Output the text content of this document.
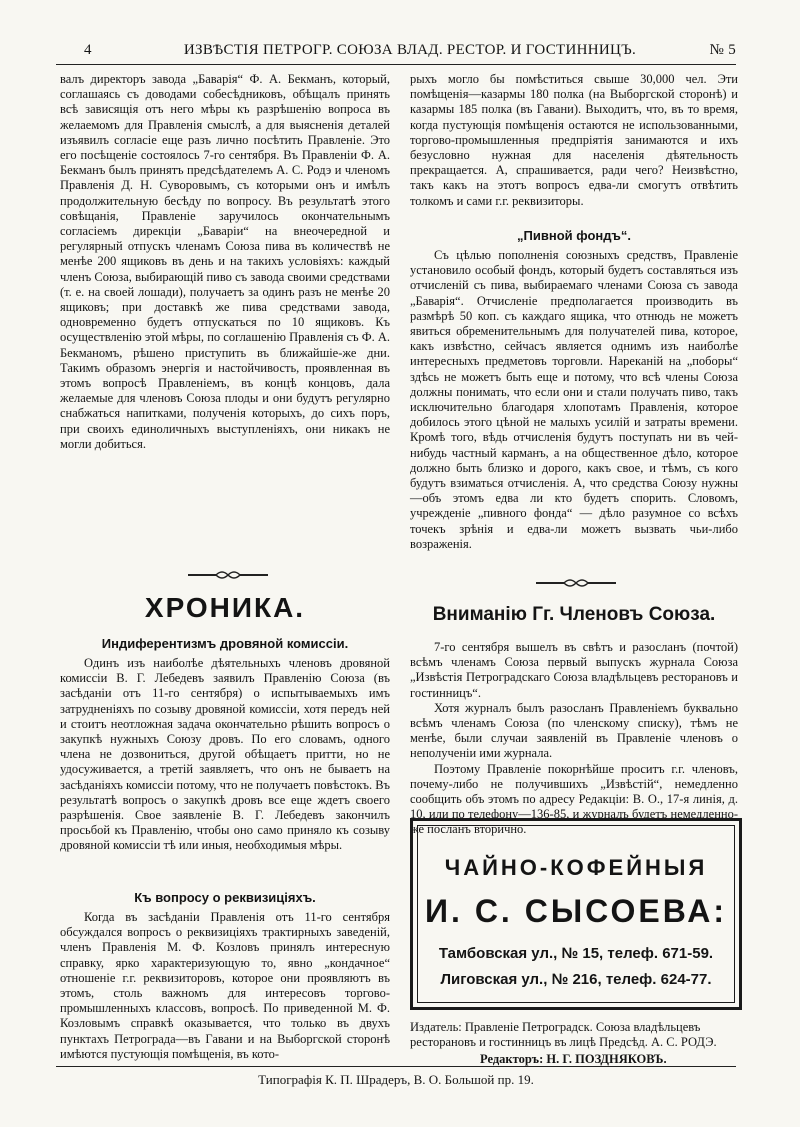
4	ИЗВѢСТІЯ ПЕТРОГР. СОЮЗА ВЛАД. РЕСТОР. И ГОСТИННИЦЪ.	№ 5

валъ директоръ завода „Баварія“ Ф. А. Бекманъ, который, соглашаясь съ доводами собесѣдниковъ, обѣщалъ принять всѣ зависящія отъ него мѣры къ разрѣшенію вопроса въ желаемомъ для Правленія смыслѣ, а для выясненія деталей изъявилъ согласіе еще разъ лично посѣтить Правленіе. Это его посѣщеніе состоялось 7-го сентября. Въ Правленіи Ф. А. Бекманъ былъ принятъ предсѣдателемъ А. С. Родэ и членомъ Правленія Д. Н. Суворовымъ, съ которыми онъ и имѣлъ продолжительную бесѣду по вопросу. Въ результатѣ этого совѣщанія, Правленіе заручилось окончательнымъ согласіемъ дирекціи „Баваріи“ на внеочередной и регулярный отпускъ членамъ Союза пива въ количествѣ не менѣе 200 ящиковъ въ день и на такихъ условіяхъ: каждый членъ Союза, выбирающій пиво съ завода своими средствами (т. е. на своей лошади), получаетъ за одинъ разъ не менѣе 20 ящиковъ; при доставкѣ же пива средствами завода, одновременно будетъ отпускаться по 10 ящиковъ. Къ осуществленію этой мѣры, по соглашенію Правленія съ Ф. А. Бекманомъ, рѣшено приступить въ ближайшіе-же дни. Такимъ образомъ энергія и настойчивость, проявленная въ этомъ вопросѣ Правленіемъ, въ концѣ концовъ, дала желаемые для членовъ Союза плоды и они будутъ регулярно снабжаться напитками, полученія которыхъ, до сихъ поръ, при своихъ единоличныхъ выступленіяхъ, они никакъ не могли добиться.

ХРОНИКА.
Индиферентизмъ дровяной комиссіи.

Одинъ изъ наиболѣе дѣятельныхъ членовъ дровяной комиссіи В. Г. Лебедевъ заявилъ Правленію Союза (въ засѣданіи отъ 11-го сентября) о испытываемыхъ имъ затрудненіяхъ по созыву дровяной комиссіи, хотя передъ ней и стоитъ неотложная задача окончательно рѣшить вопросъ о закупкѣ нужныхъ Союзу дровъ. По его словамъ, одного члена не дозвониться, другой обѣщаетъ притти, но не удосуживается, а третій заявляетъ, что онъ не бываетъ на засѣданіяхъ комиссіи потому, что не получаетъ повѣстокъ. Въ результатѣ вопросъ о закупкѣ дровъ все еще ждетъ своего разрѣшенія. Свое заявленіе В. Г. Лебедевъ закончилъ просьбой къ Правленію, чтобы оно само приняло къ созыву дровяной комиссіи тѣ или иныя, необходимыя мѣры.

Къ вопросу о реквизиціяхъ.

Когда въ засѣданіи Правленія отъ 11-го сентября обсуждался вопросъ о реквизиціяхъ трактирныхъ заведеній, членъ Правленія М. Ф. Козловъ принялъ интересную справку, ярко характеризующую то, явно „кондачное“ отношеніе г.г. реквизиторовъ, которое они проявляютъ въ этомъ, столь важномъ для интересовъ торгово-промышленныхъ классовъ, вопросѣ. По приведенной М. Ф. Козловымъ справкѣ оказывается, что только въ двухъ пунктахъ Петрограда—въ Гавани и на Выборгской сторонѣ имѣются пустующія помѣщенія, въ кото-

рыхъ могло бы помѣститься свыше 30,000 чел. Эти помѣщенія—казармы 180 полка (на Выборгской сторонѣ) и казармы 185 полка (въ Гавани). Выходитъ, что, въ то время, когда пустующія помѣщенія остаются не использованными, торгово-промышленныя предпріятія занимаются и ихъ безусловно нужная для населенія дѣятельность прекращается. А, спрашивается, ради чего? Неизвѣстно, такъ какъ на этотъ вопросъ едва-ли смогутъ отвѣтить толкомъ и сами г.г. реквизиторы.

„Пивной фондъ“.

Съ цѣлью пополненія союзныхъ средствъ, Правленіе установило особый фондъ, который будетъ составляться изъ отчисленій съ пива, выбираемаго членами Союза съ завода „Баварія“. Отчисленіе предполагается производить въ размѣрѣ 50 коп. съ каждаго ящика, что отнюдь не можетъ явиться обременительнымъ для получателей пива, которое, какъ извѣстно, сейчасъ является однимъ изъ наиболѣе интересныхъ предметовъ торговли. Нареканій на „поборы“ здѣсь не можетъ быть еще и потому, что всѣ члены Союза должны понимать, что если они и стали получать пиво, такъ исключительно благодаря хлопотамъ Правленія, которое добилось этого цѣной не малыхъ усилій и затраты времени. Кромѣ того, вѣдь отчисленія будутъ поступать ни въ чей-нибудь частный карманъ, а на общественное дѣло, которое должно быть близко и дорого, какъ свое, и тѣмъ, съ кого будутъ взиматься отчисленія. А, что средства Союзу нужны—объ этомъ едва ли кто будетъ спорить. Словомъ, учрежденіе „пивного фонда“ — дѣло разумное со всѣхъ точекъ зрѣнія и едва-ли можетъ вызвать чьи-либо возраженія.

Вниманію Гг. Членовъ Союза.

7-го сентября вышелъ въ свѣтъ и разосланъ (почтой) всѣмъ членамъ Союза первый выпускъ журнала Союза „Извѣстія Петроградскаго Союза владѣльцевъ ресторановъ и гостинницъ“.

Хотя журналъ былъ разосланъ Правленіемъ буквально всѣмъ членамъ Союза (по членскому списку), тѣмъ не менѣе, были случаи заявленій въ Правленіе членовъ о неполученіи ими журнала.

Поэтому Правленіе покорнѣйше проситъ г.г. членовъ, почему-либо не получившихъ „Извѣстій“, немедленно сообщить объ этомъ по адресу Редакціи: В. О., 17-я линія, д. 10, или по телефону—136-85, и журналъ будетъ немедленно-же посланъ вторично.

ЧАЙНО-КОФЕЙНЫЯ
И. С. СЫСОЕВА:
Тамбовская ул., № 15, телеф. 671-59.
Лиговская ул., № 216, телеф. 624-77.
Издатель: Правленіе Петроградск. Союза владѣльцевъ
ресторановъ и гостинницъ въ лицѣ Предсѣд. А. С. РОДЭ.
Редакторъ: Н. Г. ПОЗДНЯКОВЪ.
Типографія К. П. Шрадеръ, В. О. Большой пр. 19.
